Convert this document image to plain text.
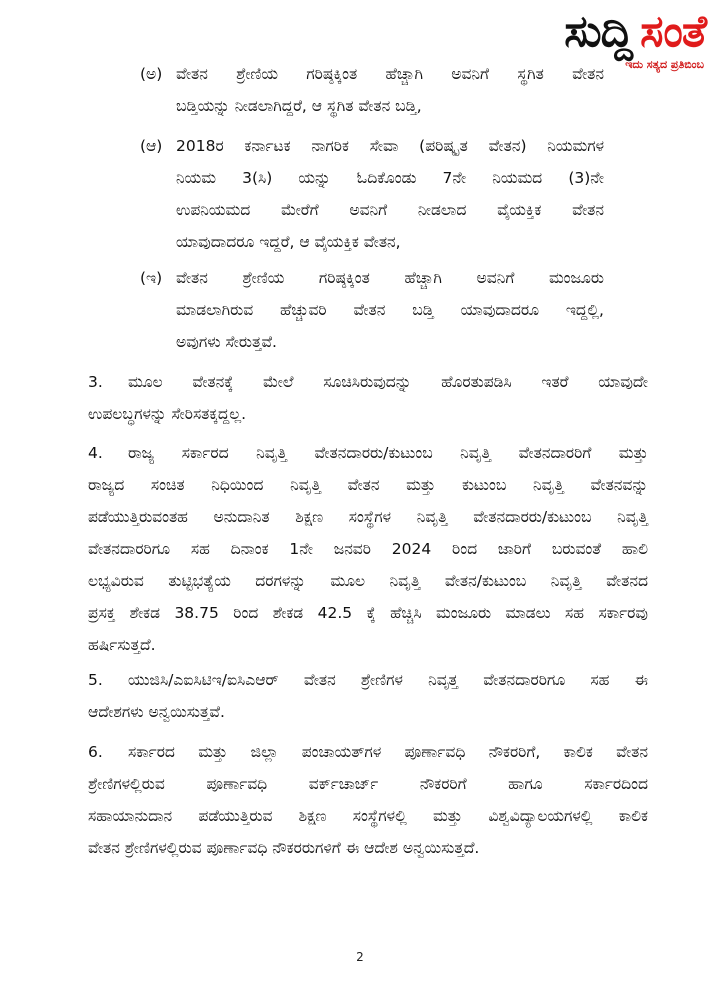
ಸುದ್ದಿ ಸಂತೆ
ಇದು ಸತ್ಯದ ಪ್ರತಿಬಿಂಬ
(ಅ) ವೇತನ ಶ್ರೇಣಿಯ ಗರಿಷ್ಠಕ್ಕಿಂತ ಹೆಚ್ಚಾಗಿ ಅವನಿಗೆ ಸ್ಥಗಿತ ವೇತನ
ಬಡ್ತಿಯನ್ನು ನೀಡಲಾಗಿದ್ದರೆ, ಆ ಸ್ಥಗಿತ ವೇತನ ಬಡ್ತಿ,
(ಆ) 2018ರ ಕರ್ನಾಟಕ ನಾಗರಿಕ ಸೇವಾ (ಪರಿಷ್ಕೃತ ವೇತನ) ನಿಯಮಗಳ
ನಿಯಮ 3(ಸಿ) ಯನ್ನು ಓದಿಕೊಂಡು 7ನೇ ನಿಯಮದ (3)ನೇ
ಉಪನಿಯಮದ ಮೇರೆಗೆ ಅವನಿಗೆ ನೀಡಲಾದ ವೈಯಕ್ತಿಕ ವೇತನ
ಯಾವುದಾದರೂ ಇದ್ದರೆ, ಆ ವೈಯಕ್ತಿಕ ವೇತನ,
(ಇ) ವೇತನ ಶ್ರೇಣಿಯ ಗರಿಷ್ಠಕ್ಕಿಂತ ಹೆಚ್ಚಾಗಿ ಅವನಿಗೆ ಮಂಜೂರು
ಮಾಡಲಾಗಿರುವ ಹೆಚ್ಚುವರಿ ವೇತನ ಬಡ್ತಿ ಯಾವುದಾದರೂ ಇದ್ದಲ್ಲಿ,
ಅವುಗಳು ಸೇರುತ್ತವೆ.
3.	ಮೂಲ ವೇತನಕ್ಕೆ ಮೇಲೆ ಸೂಚಿಸಿರುವುದನ್ನು ಹೊರತುಪಡಿಸಿ ಇತರೆ ಯಾವುದೇ
ಉಪಲಬ್ಧಗಳನ್ನು ಸೇರಿಸತಕ್ಕದ್ದಲ್ಲ.
4.	ರಾಜ್ಯ ಸರ್ಕಾರದ ನಿವೃತ್ತಿ ವೇತನದಾರರು/ಕುಟುಂಬ ನಿವೃತ್ತಿ ವೇತನದಾರರಿಗೆ ಮತ್ತು
ರಾಜ್ಯದ ಸಂಚಿತ ನಿಧಿಯಿಂದ ನಿವೃತ್ತಿ ವೇತನ ಮತ್ತು ಕುಟುಂಬ ನಿವೃತ್ತಿ ವೇತನವನ್ನು
ಪಡೆಯುತ್ತಿರುವಂತಹ ಅನುದಾನಿತ ಶಿಕ್ಷಣ ಸಂಸ್ಥೆಗಳ ನಿವೃತ್ತಿ ವೇತನದಾರರು/ಕುಟುಂಬ ನಿವೃತ್ತಿ
ವೇತನದಾರರಿಗೂ ಸಹ ದಿನಾಂಕ 1ನೇ ಜನವರಿ 2024 ರಿಂದ ಜಾರಿಗೆ ಬರುವಂತೆ ಹಾಲಿ
ಲಭ್ಯವಿರುವ ತುಟ್ಟಿಭತ್ಯೆಯ ದರಗಳನ್ನು ಮೂಲ ನಿವೃತ್ತಿ ವೇತನ/ಕುಟುಂಬ ನಿವೃತ್ತಿ ವೇತನದ
ಪ್ರಸಕ್ತ ಶೇಕಡ 38.75 ರಿಂದ ಶೇಕಡ 42.5 ಕ್ಕೆ ಹೆಚ್ಚಿಸಿ ಮಂಜೂರು ಮಾಡಲು ಸಹ ಸರ್ಕಾರವು
ಹರ್ಷಿಸುತ್ತದೆ.
5.	ಯುಜಿಸಿ/ಎಐಸಿಟಿಇ/ಐಸಿಎಆರ್ ವೇತನ ಶ್ರೇಣಿಗಳ ನಿವೃತ್ತ ವೇತನದಾರರಿಗೂ ಸಹ ಈ
ಆದೇಶಗಳು ಅನ್ವಯಿಸುತ್ತವೆ.
6.	ಸರ್ಕಾರದ ಮತ್ತು ಜಿಲ್ಲಾ ಪಂಚಾಯತ್‌ಗಳ ಪೂರ್ಣಾವಧಿ ನೌಕರರಿಗೆ, ಕಾಲಿಕ ವೇತನ
ಶ್ರೇಣಿಗಳಲ್ಲಿರುವ ಪೂರ್ಣಾವಧಿ ವರ್ಕ್‌ಚಾರ್ಜ್ ನೌಕರರಿಗೆ ಹಾಗೂ ಸರ್ಕಾರದಿಂದ
ಸಹಾಯಾನುದಾನ ಪಡೆಯುತ್ತಿರುವ ಶಿಕ್ಷಣ ಸಂಸ್ಥೆಗಳಲ್ಲಿ ಮತ್ತು ವಿಶ್ವವಿದ್ಯಾಲಯಗಳಲ್ಲಿ ಕಾಲಿಕ
ವೇತನ ಶ್ರೇಣಿಗಳಲ್ಲಿರುವ ಪೂರ್ಣಾವಧಿ ನೌಕರರುಗಳಿಗೆ ಈ ಆದೇಶ ಅನ್ವಯಿಸುತ್ತದೆ.
2
